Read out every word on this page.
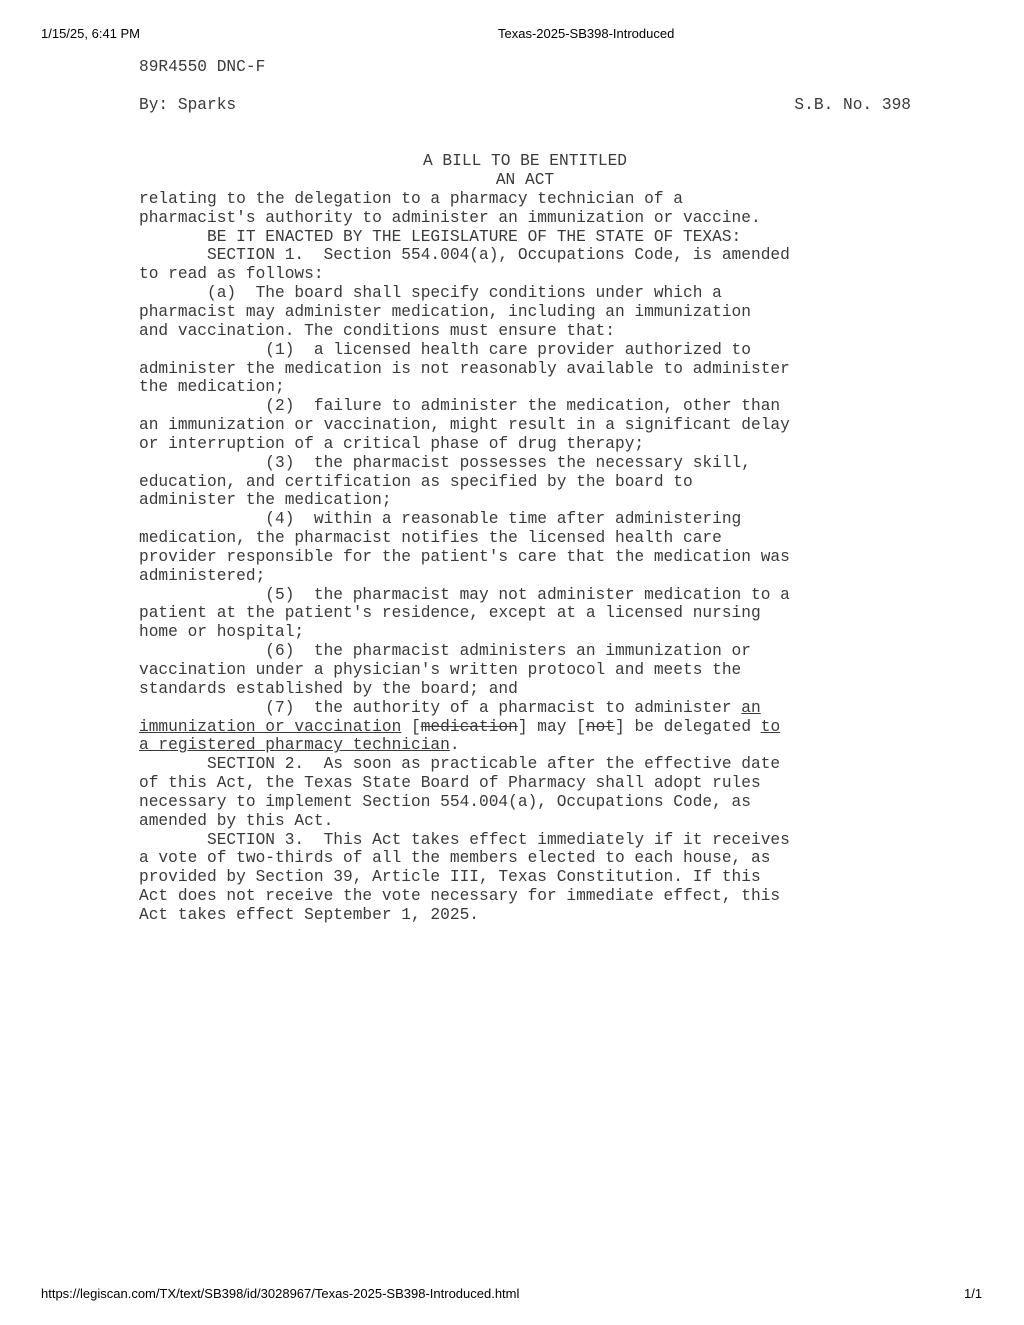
1/15/25, 6:41 PM	Texas-2025-SB398-Introduced
89R4550 DNC-F
By: Sparks	S.B. No. 398
A BILL TO BE ENTITLED
AN ACT
relating to the delegation to a pharmacy technician of a
pharmacist's authority to administer an immunization or vaccine.
BE IT ENACTED BY THE LEGISLATURE OF THE STATE OF TEXAS:
SECTION 1.  Section 554.004(a), Occupations Code, is amended
to read as follows:
(a)  The board shall specify conditions under which a
pharmacist may administer medication, including an immunization
and vaccination. The conditions must ensure that:
(1)  a licensed health care provider authorized to
administer the medication is not reasonably available to administer
the medication;
(2)  failure to administer the medication, other than
an immunization or vaccination, might result in a significant delay
or interruption of a critical phase of drug therapy;
(3)  the pharmacist possesses the necessary skill,
education, and certification as specified by the board to
administer the medication;
(4)  within a reasonable time after administering
medication, the pharmacist notifies the licensed health care
provider responsible for the patient's care that the medication was
administered;
(5)  the pharmacist may not administer medication to a
patient at the patient's residence, except at a licensed nursing
home or hospital;
(6)  the pharmacist administers an immunization or
vaccination under a physician's written protocol and meets the
standards established by the board; and
(7)  the authority of a pharmacist to administer an
immunization or vaccination [medication] may [not] be delegated to
a registered pharmacy technician.
SECTION 2.  As soon as practicable after the effective date
of this Act, the Texas State Board of Pharmacy shall adopt rules
necessary to implement Section 554.004(a), Occupations Code, as
amended by this Act.
SECTION 3.  This Act takes effect immediately if it receives
a vote of two-thirds of all the members elected to each house, as
provided by Section 39, Article III, Texas Constitution. If this
Act does not receive the vote necessary for immediate effect, this
Act takes effect September 1, 2025.
https://legiscan.com/TX/text/SB398/id/3028967/Texas-2025-SB398-Introduced.html	1/1
